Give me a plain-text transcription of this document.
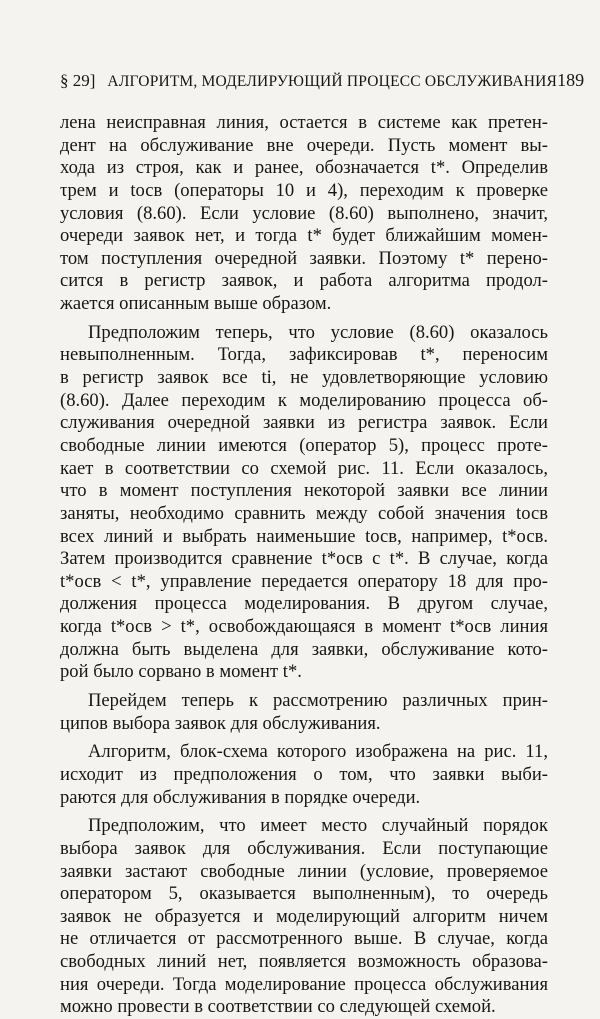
§ 29] АЛГОРИТМ, МОДЕЛИРУЮЩИЙ ПРОЦЕСС ОБСЛУЖИВАНИЯ 189
лена неисправная линия, остается в системе как претен-
дент на обслуживание вне очереди. Пусть момент вы-
хода из строя, как и ранее, обозначается t*. Определив
τрем и tосв (операторы 10 и 4), переходим к проверке
условия (8.60). Если условие (8.60) выполнено, значит,
очереди заявок нет, и тогда t* будет ближайшим момен-
том поступления очередной заявки. Поэтому t* перено-
сится в регистр заявок, и работа алгоритма продол-
жается описанным выше образом.
Предположим теперь, что условие (8.60) оказалось
невыполненным. Тогда, зафиксировав t*, переносим
в регистр заявок все ti, не удовлетворяющие условию
(8.60). Далее переходим к моделированию процесса об-
служивания очередной заявки из регистра заявок. Если
свободные линии имеются (оператор 5), процесс проте-
кает в соответствии со схемой рис. 11. Если оказалось,
что в момент поступления некоторой заявки все линии
заняты, необходимо сравнить между собой значения tосв
всех линий и выбрать наименьшие tосв, например, t*осв.
Затем производится сравнение t*осв с t*. В случае, когда
t*осв < t*, управление передается оператору 18 для про-
должения процесса моделирования. В другом случае,
когда t*осв > t*, освобождающаяся в момент t*осв линия
должна быть выделена для заявки, обслуживание кото-
рой было сорвано в момент t*.
Перейдем теперь к рассмотрению различных прин-
ципов выбора заявок для обслуживания.
Алгоритм, блок-схема которого изображена на рис. 11,
исходит из предположения о том, что заявки выби-
раются для обслуживания в порядке очереди.
Предположим, что имеет место случайный порядок
выбора заявок для обслуживания. Если поступающие
заявки застают свободные линии (условие, проверяемое
оператором 5, оказывается выполненным), то очередь
заявок не образуется и моделирующий алгоритм ничем
не отличается от рассмотренного выше. В случае, когда
свободных линий нет, появляется возможность образова-
ния очереди. Тогда моделирование процесса обслуживания
можно провести в соответствии со следующей схемой.
